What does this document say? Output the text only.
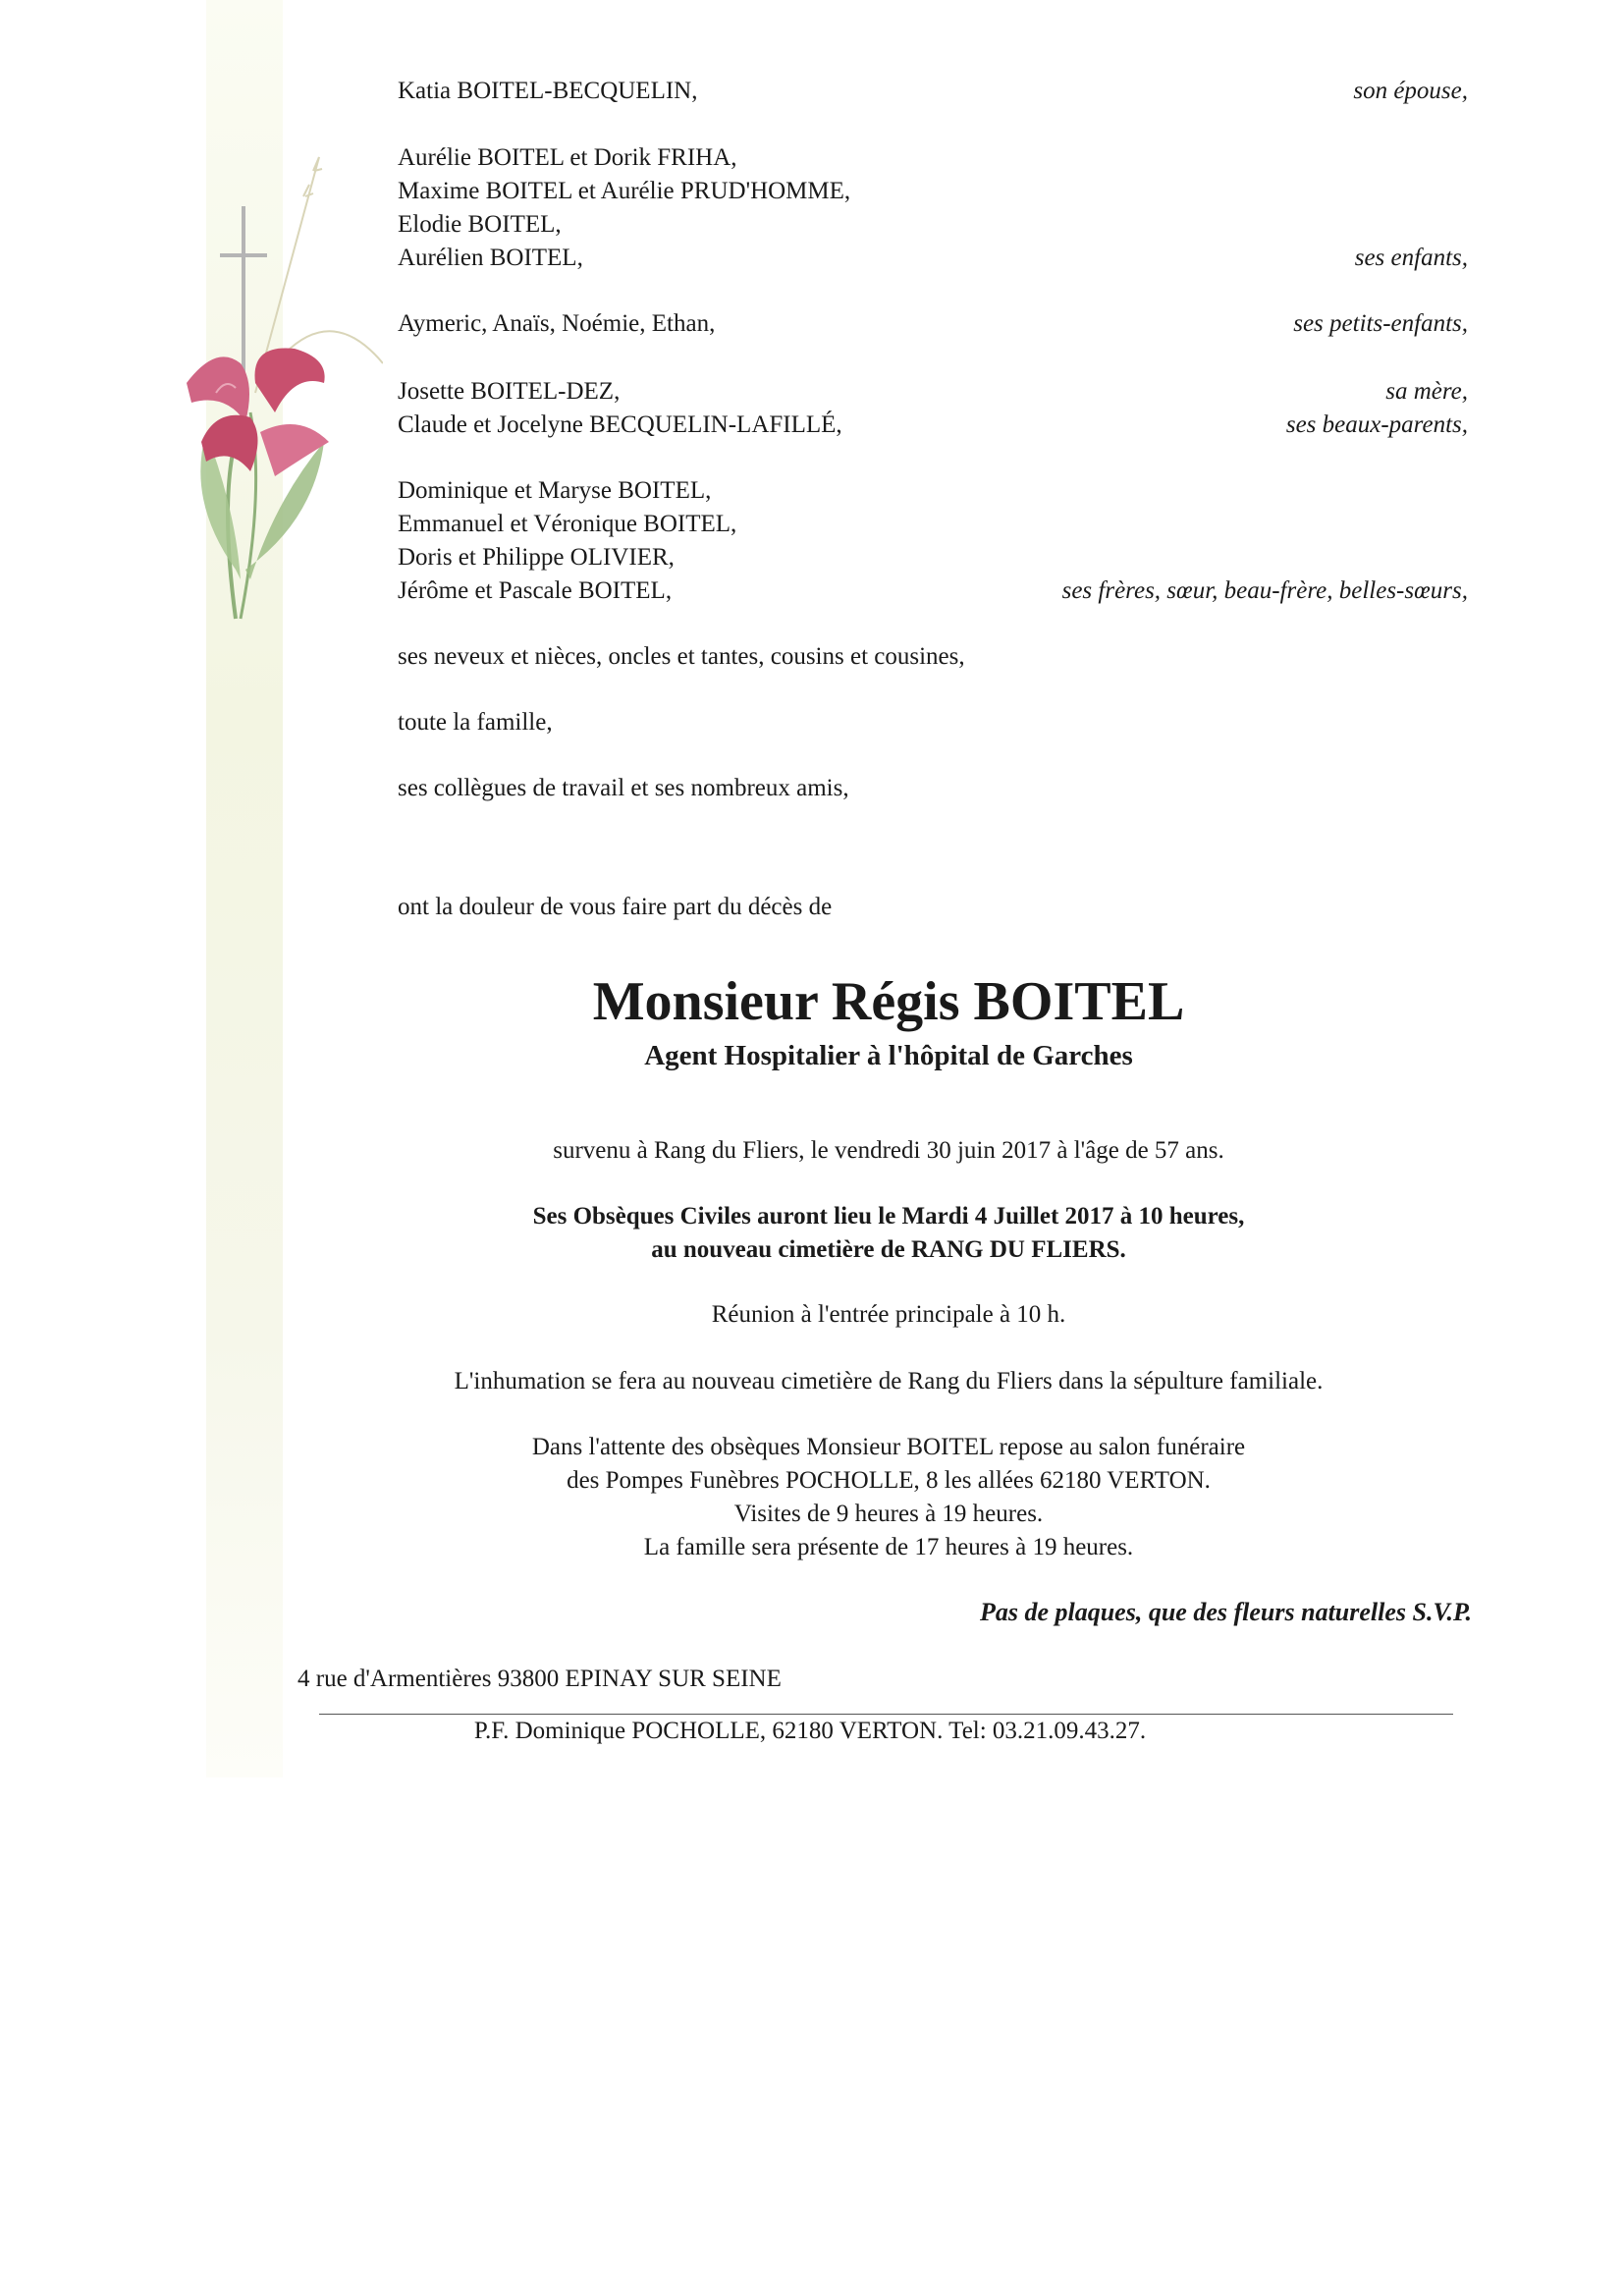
Katia BOITEL-BECQUELIN,	son épouse,
Aurélie BOITEL et Dorik FRIHA,
Maxime BOITEL et Aurélie PRUD'HOMME,
Elodie BOITEL,
Aurélien BOITEL,	ses enfants,
Aymeric, Anaïs, Noémie, Ethan,	ses petits-enfants,
Josette BOITEL-DEZ,	sa mère,
Claude et Jocelyne BECQUELIN-LAFILLÉ,	ses beaux-parents,
Dominique et Maryse BOITEL,
Emmanuel et Véronique BOITEL,
Doris et Philippe OLIVIER,
Jérôme et Pascale BOITEL,	ses frères, sœur, beau-frère, belles-sœurs,
ses neveux et nièces, oncles et tantes, cousins et cousines,
toute la famille,
ses collègues de travail et ses nombreux amis,
ont la douleur de vous faire part du décès de
Monsieur Régis BOITEL
Agent Hospitalier à l'hôpital de Garches
survenu à Rang du Fliers, le vendredi 30 juin 2017 à l'âge de 57 ans.
Ses Obsèques Civiles auront lieu le Mardi 4 Juillet 2017 à 10 heures,
au nouveau cimetière de RANG DU FLIERS.
Réunion à l'entrée principale à 10 h.
L'inhumation se fera au nouveau cimetière de Rang du Fliers dans la sépulture familiale.
Dans l'attente des obsèques Monsieur BOITEL repose au salon funéraire
des Pompes Funèbres POCHOLLE, 8 les allées 62180 VERTON.
Visites de 9 heures à 19 heures.
La famille sera présente de 17 heures à 19 heures.
Pas de plaques, que des fleurs naturelles S.V.P.
4 rue d'Armentières 93800 EPINAY SUR SEINE
P.F. Dominique POCHOLLE, 62180 VERTON. Tel: 03.21.09.43.27.
